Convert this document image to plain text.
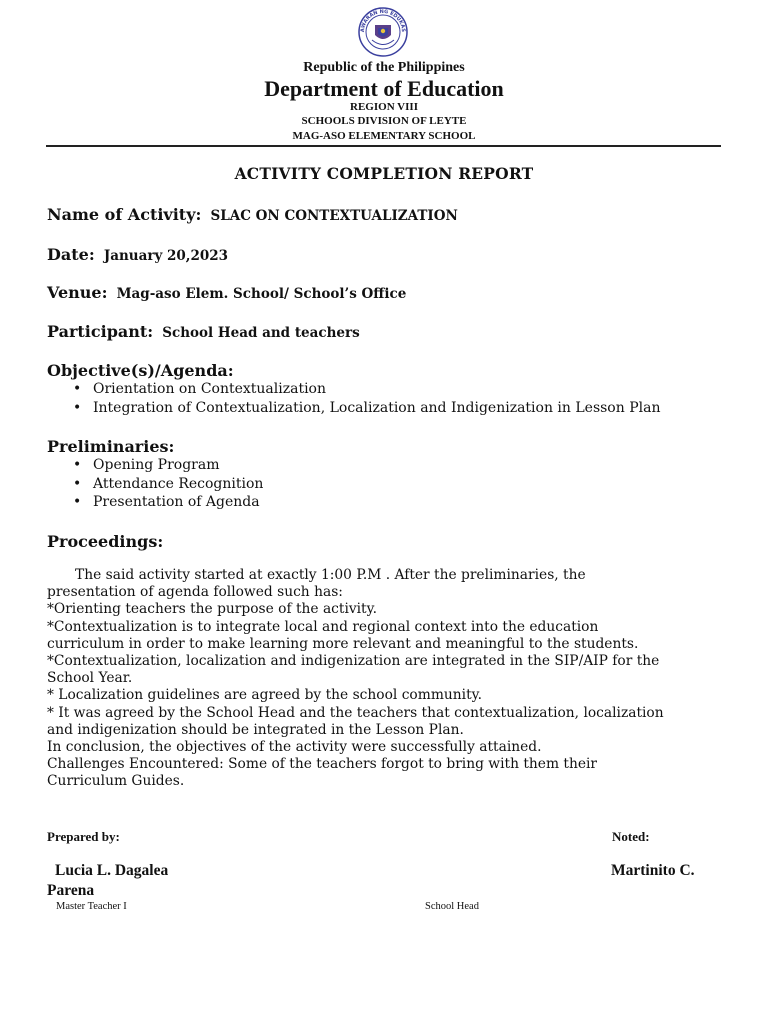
AWARAN NG EDUKAS
Republic of the Philippines
Department of Education
REGION VIII
SCHOOLS DIVISION OF LEYTE
MAG-ASO ELEMENTARY SCHOOL
ACTIVITY COMPLETION REPORT
Name of Activity: SLAC ON CONTEXTUALIZATION
Date: January 20,2023
Venue: Mag-aso Elem. School/ School’s Office
Participant: School Head and teachers
Objective(s)/Agenda:
• Orientation on Contextualization
• Integration of Contextualization, Localization and Indigenization in Lesson Plan
Preliminaries:
• Opening Program
• Attendance Recognition
• Presentation of Agenda
Proceedings:

The said activity started at exactly 1:00 P.M . After the preliminaries, the

presentation of agenda followed such has:

*Orienting teachers the purpose of the activity.

*Contextualization is to integrate local and regional context into the education

curriculum in order to make learning more relevant and meaningful to the students.

*Contextualization, localization and indigenization are integrated in the SIP/AIP for the

School Year.

* Localization guidelines are agreed by the school community.

* It was agreed by the School Head and the teachers that contextualization, localization

and indigenization should be integrated in the Lesson Plan.

In conclusion, the objectives of the activity were successfully attained.

Challenges Encountered: Some of the teachers forgot to bring with them their

Curriculum Guides.

Prepared by:	Noted:
Lucia L. Dagalea
Parena
Martinito C.
Master Teacher I	School Head
